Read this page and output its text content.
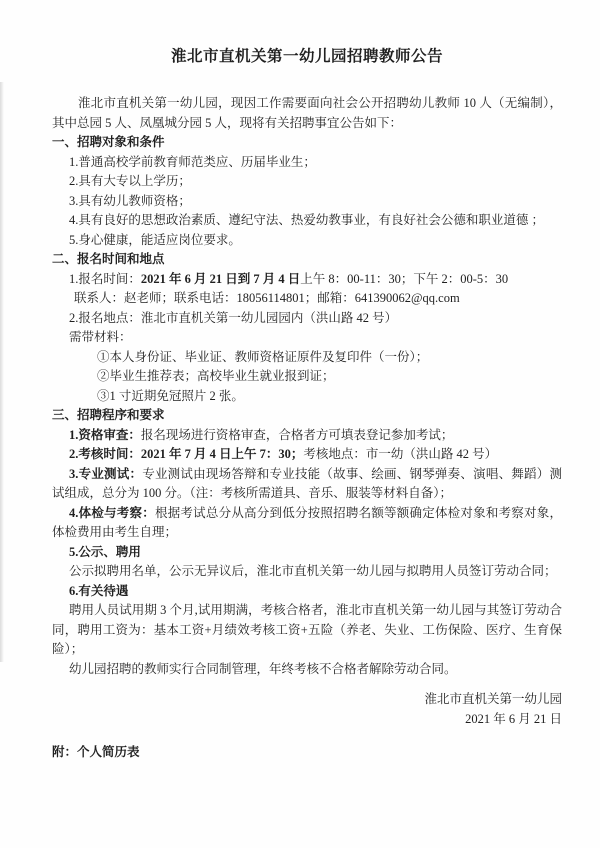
淮北市直机关第一幼儿园招聘教师公告

淮北市直机关第一幼儿园，现因工作需要面向社会公开招聘幼儿教师 10 人（无编制），其中总园 5 人、凤凰城分园 5 人，现将有关招聘事宜公告如下：

一、招聘对象和条件

1.普通高校学前教育师范类应、历届毕业生；

2.具有大专以上学历；

3.具有幼儿教师资格；

4.具有良好的思想政治素质、遵纪守法、热爱幼教事业，有良好社会公德和职业道德 ；

5.身心健康，能适应岗位要求。

二、报名时间和地点

1.报名时间：2021 年 6 月 21 日到 7 月 4 日上午 8：00-11：30；下午 2：00-5：30

联系人：赵老师；联系电话：18056114801；邮箱：641390062@qq.com

2.报名地点：淮北市直机关第一幼儿园园内（洪山路 42 号）

需带材料：

①本人身份证、毕业证、教师资格证原件及复印件（一份）；

②毕业生推荐表；高校毕业生就业报到证；

③1 寸近期免冠照片 2 张。

三、招聘程序和要求

1.资格审查：报名现场进行资格审查，合格者方可填表登记参加考试；

2.考核时间：2021 年 7 月 4 日上午 7：30；考核地点：市一幼（洪山路 42 号）

3.专业测试：专业测试由现场答辩和专业技能（故事、绘画、钢琴弹奏、演唱、舞蹈）测试组成，总分为 100 分。（注：考核所需道具、音乐、服装等材料自备）；

4.体检与考察：根据考试总分从高分到低分按照招聘名额等额确定体检对象和考察对象，体检费用由考生自理；

5.公示、聘用

公示拟聘用名单，公示无异议后，淮北市直机关第一幼儿园与拟聘用人员签订劳动合同；

6.有关待遇

聘用人员试用期 3 个月,试用期满，考核合格者，淮北市直机关第一幼儿园与其签订劳动合同，聘用工资为：基本工资+月绩效考核工资+五险（养老、失业、工伤保险、医疗、生育保险）；

幼儿园招聘的教师实行合同制管理，年终考核不合格者解除劳动合同。

淮北市直机关第一幼儿园

2021 年 6 月 21 日

附：个人简历表
